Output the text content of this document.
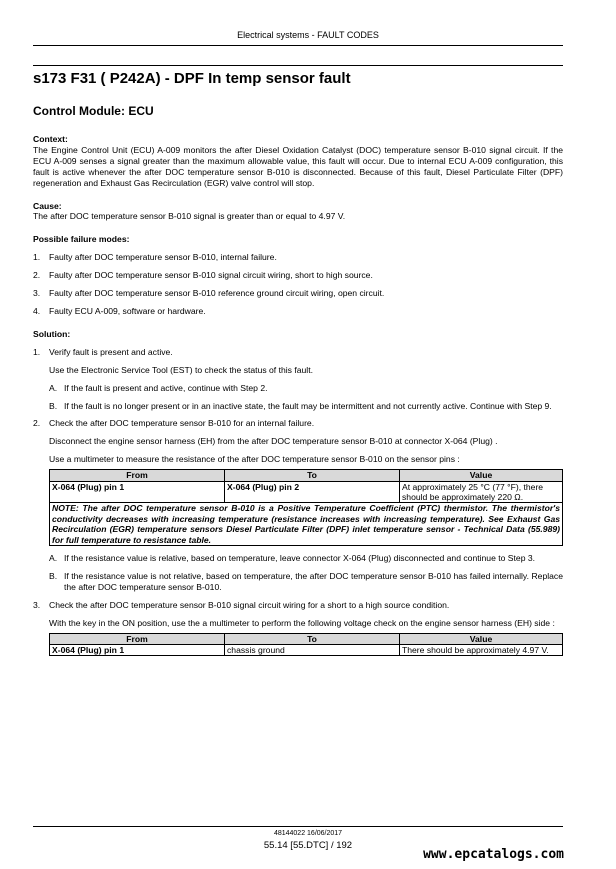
Electrical systems - FAULT CODES
s173 F31 ( P242A) - DPF In temp sensor fault
Control Module: ECU

Context:

The Engine Control Unit (ECU) A-009 monitors the after Diesel Oxidation Catalyst (DOC) temperature sensor B-010 signal circuit. If the ECU A-009 senses a signal greater than the maximum allowable value, this fault will occur. Due to internal ECU A-009 configuration, this fault is active whenever the after DOC temperature sensor B-010 is disconnected. Because of this fault, Diesel Particulate Filter (DPF) regeneration and Exhaust Gas Recirculation (EGR) valve control will stop.

Cause:

The after DOC temperature sensor B-010 signal is greater than or equal to 4.97 V.

Possible failure modes:

1. Faulty after DOC temperature sensor B-010, internal failure.
2. Faulty after DOC temperature sensor B-010 signal circuit wiring, short to high source.
3. Faulty after DOC temperature sensor B-010 reference ground circuit wiring, open circuit.
4. Faulty ECU A-009, software or hardware.

Solution:

1. Verify fault is present and active.

Use the Electronic Service Tool (EST) to check the status of this fault.

A. If the fault is present and active, continue with Step 2.
B. If the fault is no longer present or in an inactive state, the fault may be intermittent and not currently active. Continue with Step 9.
2. Check the after DOC temperature sensor B-010 for an internal failure.

Disconnect the engine sensor harness (EH) from the after DOC temperature sensor B-010 at connector X-064 (Plug) .

Use a multimeter to measure the resistance of the after DOC temperature sensor B-010 on the sensor pins :

From	To	Value
X-064 (Plug) pin 1	X-064 (Plug) pin 2	At approximately 25 °C (77 °F), there should be approximately 220 Ω.
NOTE: The after DOC temperature sensor B-010 is a Positive Temperature Coefficient (PTC) thermistor. The thermistor's conductivity decreases with increasing temperature (resistance increases with increasing temperature). See Exhaust Gas Recirculation (EGR) temperature sensors Diesel Particulate Filter (DPF) inlet temperature sensor - Technical Data (55.989) for full temperature to resistance table.		
A. If the resistance value is relative, based on temperature, leave connector X-064 (Plug) disconnected and continue to Step 3.
B. If the resistance value is not relative, based on temperature, the after DOC temperature sensor B-010 has failed internally. Replace the after DOC temperature sensor B-010.
3. Check the after DOC temperature sensor B-010 signal circuit wiring for a short to a high source condition.

With the key in the ON position, use the a multimeter to perform the following voltage check on the engine sensor harness (EH) side :

From	To	Value
X-064 (Plug) pin 1	chassis ground	There should be approximately 4.97 V.
48144022 16/06/2017
55.14 [55.DTC] / 192
www.epcatalogs.com
